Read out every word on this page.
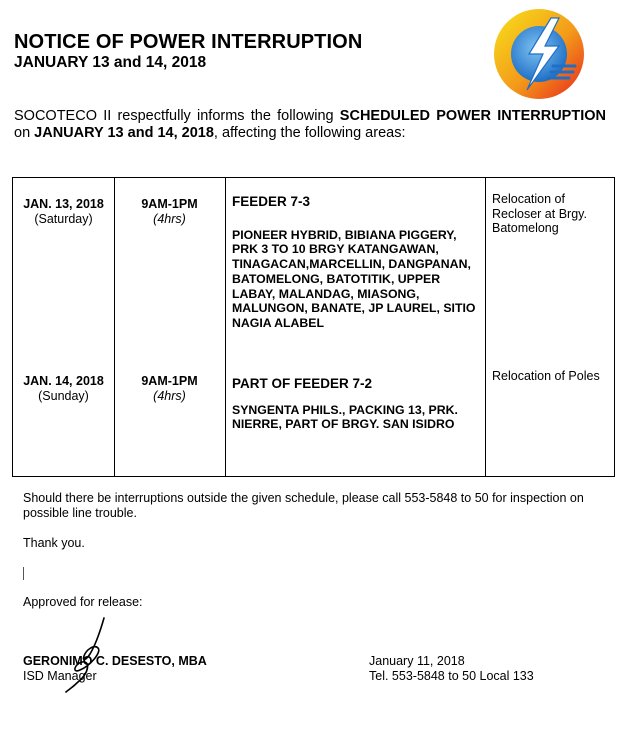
NOTICE OF POWER INTERRUPTION
JANUARY 13 and 14, 2018
SOCOTECO II respectfully informs the following SCHEDULED POWER INTERRUPTION on JANUARY 13 and 14, 2018, affecting the following areas:
JAN. 13, 2018
(Saturday)
9AM-1PM
(4hrs)
FEEDER 7-3
PIONEER HYBRID, BIBIANA PIGGERY, PRK 3 TO 10 BRGY KATANGAWAN, TINAGACAN,MARCELLIN, DANGPANAN, BATOMELONG, BATOTITIK, UPPER LABAY, MALANDAG, MIASONG, MALUNGON, BANATE, JP LAUREL, SITIO NAGIA ALABEL
Relocation of Recloser at Brgy. Batomelong
JAN. 14, 2018
(Sunday)
9AM-1PM
(4hrs)
PART OF FEEDER 7-2
SYNGENTA PHILS., PACKING 13, PRK. NIERRE, PART OF BRGY. SAN ISIDRO
Relocation of Poles
Should there be interruptions outside the given schedule, please call 553-5848 to 50 for inspection on possible line trouble.
Thank you.
Approved for release:
GERONIMO C. DESESTO, MBA
ISD Manager
January 11, 2018
Tel. 553-5848 to 50 Local 133
